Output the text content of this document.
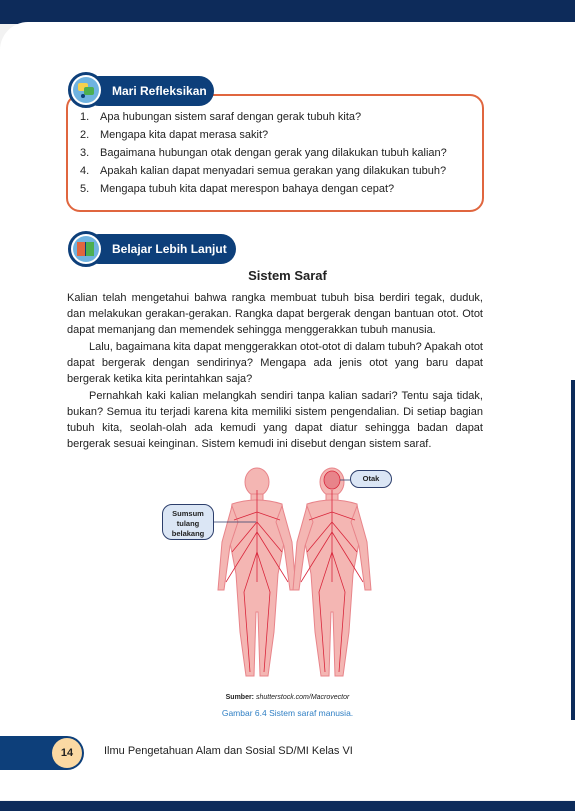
Mari Refleksikan
1. Apa hubungan sistem saraf dengan gerak tubuh kita?
2. Mengapa kita dapat merasa sakit?
3. Bagaimana hubungan otak dengan gerak yang dilakukan tubuh kalian?
4. Apakah kalian dapat menyadari semua gerakan yang dilakukan tubuh?
5. Mengapa tubuh kita dapat merespon bahaya dengan cepat?
Belajar Lebih Lanjut
Sistem Saraf

Kalian telah mengetahui bahwa rangka membuat tubuh bisa berdiri tegak, duduk, dan melakukan gerakan-gerakan. Rangka dapat bergerak dengan bantuan otot. Otot dapat memanjang dan memendek sehingga menggerakkan tubuh manusia.

Lalu, bagaimana kita dapat menggerakkan otot-otot di dalam tubuh? Apakah otot dapat bergerak dengan sendirinya? Mengapa ada jenis otot yang baru dapat bergerak ketika kita perintahkan saja?

Pernahkah kaki kalian melangkah sendiri tanpa kalian sadari? Tentu saja tidak, bukan? Semua itu terjadi karena kita memiliki sistem pengendalian. Di setiap bagian tubuh kita, seolah-olah ada kemudi yang dapat diatur sehingga badan dapat bergerak sesuai keinginan. Sistem kemudi ini disebut dengan sistem saraf.

Sumsum tulang belakang
Otak
Sumber: shutterstock.com/Macrovector
Gambar 6.4 Sistem saraf manusia.
14	Ilmu Pengetahuan Alam dan Sosial SD/MI Kelas VI
